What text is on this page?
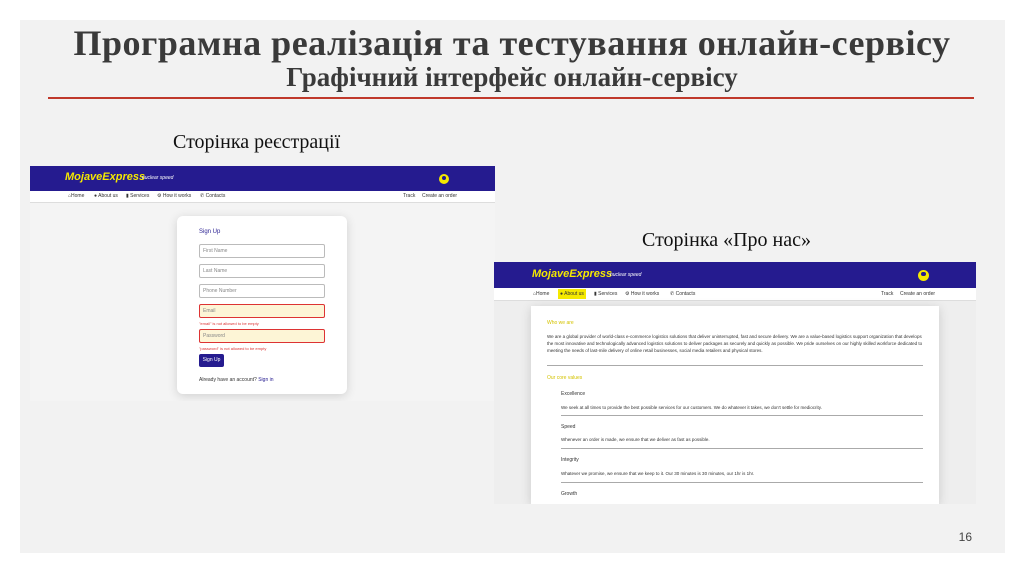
Програмна реалізація та тестування онлайн-сервісу
Графічний інтерфейс онлайн-сервісу
Сторінка реєстрації
Сторінка «Про нас»
MojaveExpress
nuclear speed
⌂Home ● About us ▮ Services ⚙ How it works ✆ Contacts	Track Create an order
Sign Up
First Name
Last Name
Phone Number
Email
"email" is not allowed to be empty
Password
"password" is not allowed to be empty
Sign Up
Already have an account? Sign in
MojaveExpress
nuclear speed
⌂Home	● About us	▮ Services ⚙ How it works ✆ Contacts	Track Create an order
Who we are
We are a global provider of world-class e-commerce logistics solutions that deliver uninterrupted, fast and secure delivery. We are a value-based logistics support organization that develops the most innovative and technologically advanced logistics solutions to deliver packages as securely and quickly as possible. We pride ourselves on our highly skilled workforce dedicated to meeting the needs of last-mile delivery of online retail businesses, social media retailers and physical stores.
Our core values
Excellence
We seek at all times to provide the best possible services for our customers. We do whatever it takes, we don't settle for mediocrity.
Speed
Whenever an order is made, we ensure that we deliver as fast as possible.
Integrity
Whatever we promise, we ensure that we keep to it. Our 30 minutes is 30 minutes, our 1hr is 1hr.
Growth
16
